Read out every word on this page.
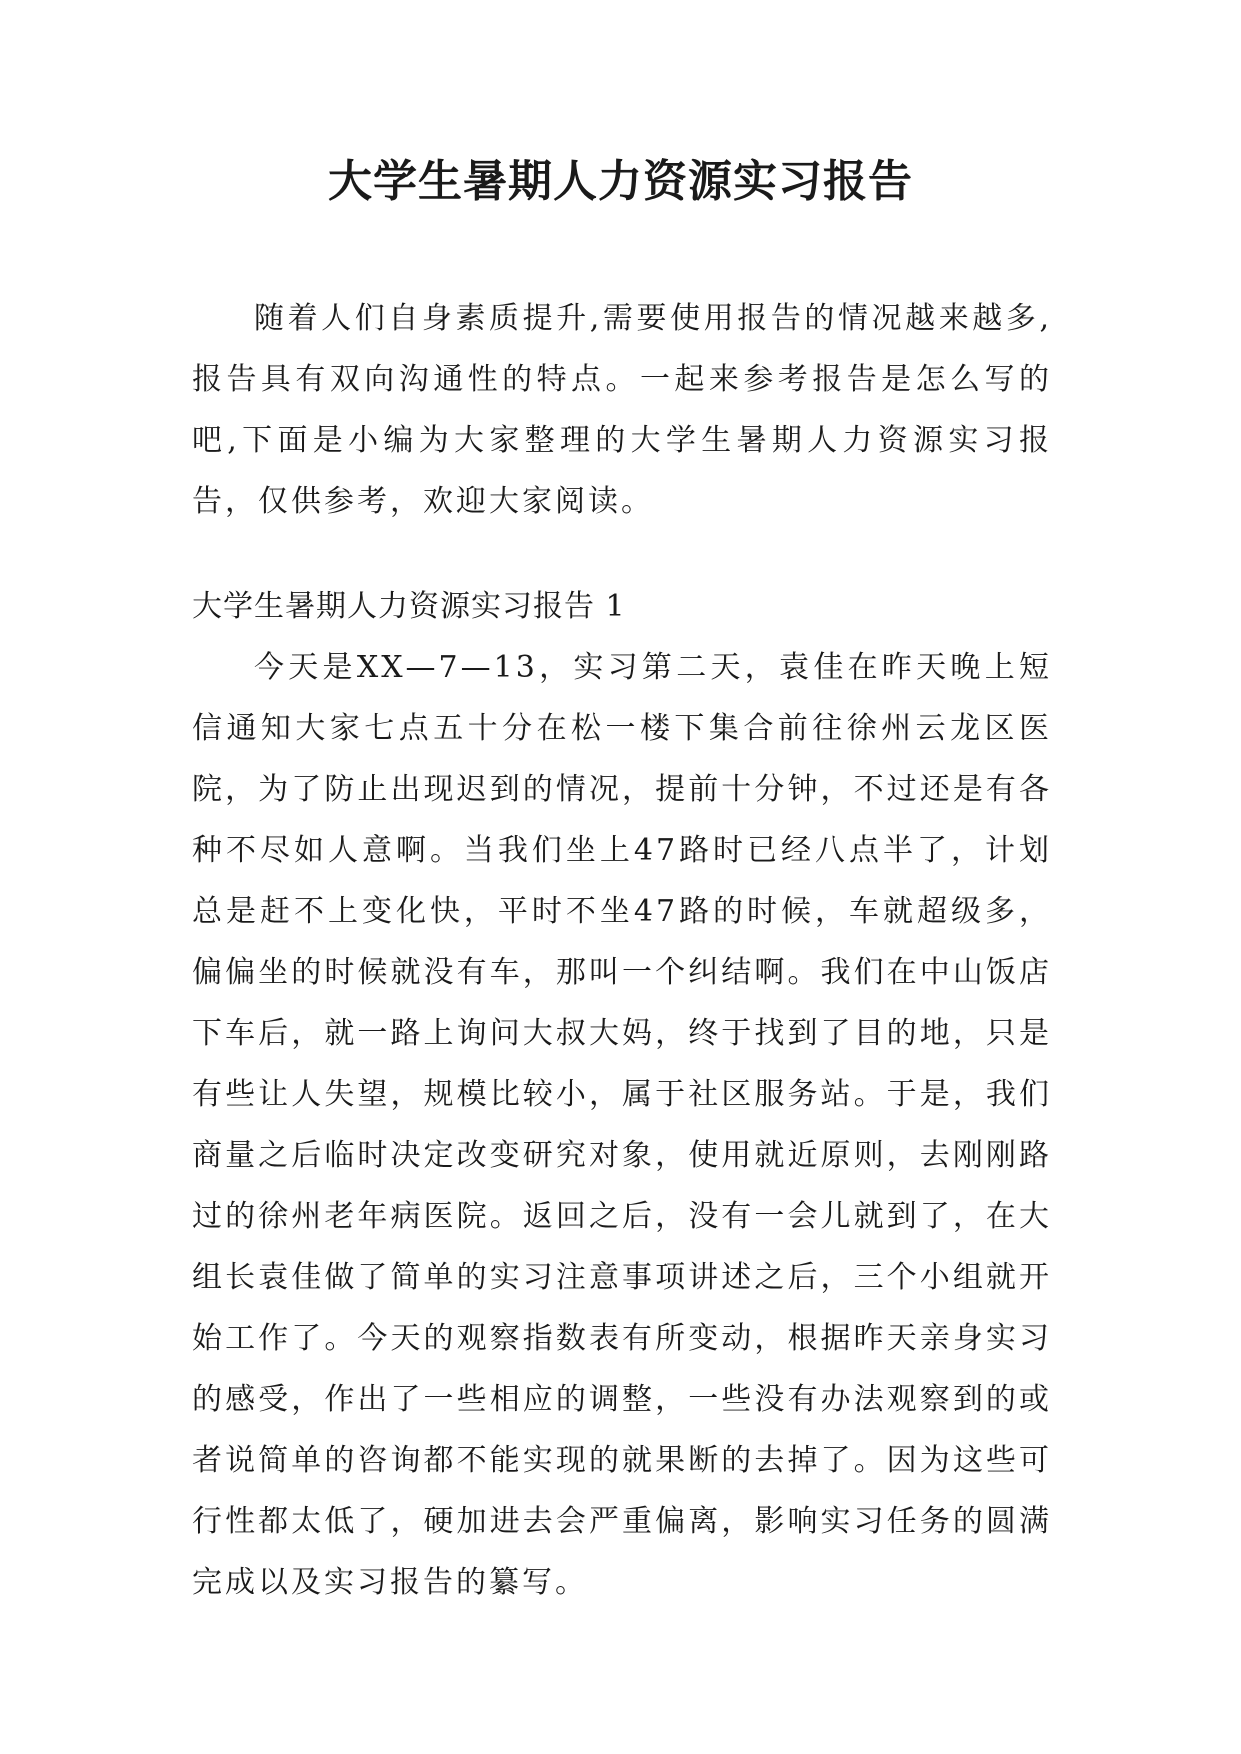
大学生暑期人力资源实习报告

随着人们自身素质提升,需要使用报告的情况越来越多,报告具有双向沟通性的特点。一起来参考报告是怎么写的吧,下面是小编为大家整理的大学生暑期人力资源实习报告，仅供参考，欢迎大家阅读。

大学生暑期人力资源实习报告 1

今天是XX—7—13，实习第二天，袁佳在昨天晚上短信通知大家七点五十分在松一楼下集合前往徐州云龙区医院，为了防止出现迟到的情况，提前十分钟，不过还是有各种不尽如人意啊。当我们坐上47路时已经八点半了，计划总是赶不上变化快，平时不坐47路的时候，车就超级多，偏偏坐的时候就没有车，那叫一个纠结啊。我们在中山饭店下车后，就一路上询问大叔大妈，终于找到了目的地，只是有些让人失望，规模比较小，属于社区服务站。于是，我们商量之后临时决定改变研究对象，使用就近原则，去刚刚路过的徐州老年病医院。返回之后，没有一会儿就到了，在大组长袁佳做了简单的实习注意事项讲述之后，三个小组就开始工作了。今天的观察指数表有所变动，根据昨天亲身实习的感受，作出了一些相应的调整，一些没有办法观察到的或者说简单的咨询都不能实现的就果断的去掉了。因为这些可行性都太低了，硬加进去会严重偏离，影响实习任务的圆满完成以及实习报告的纂写。
